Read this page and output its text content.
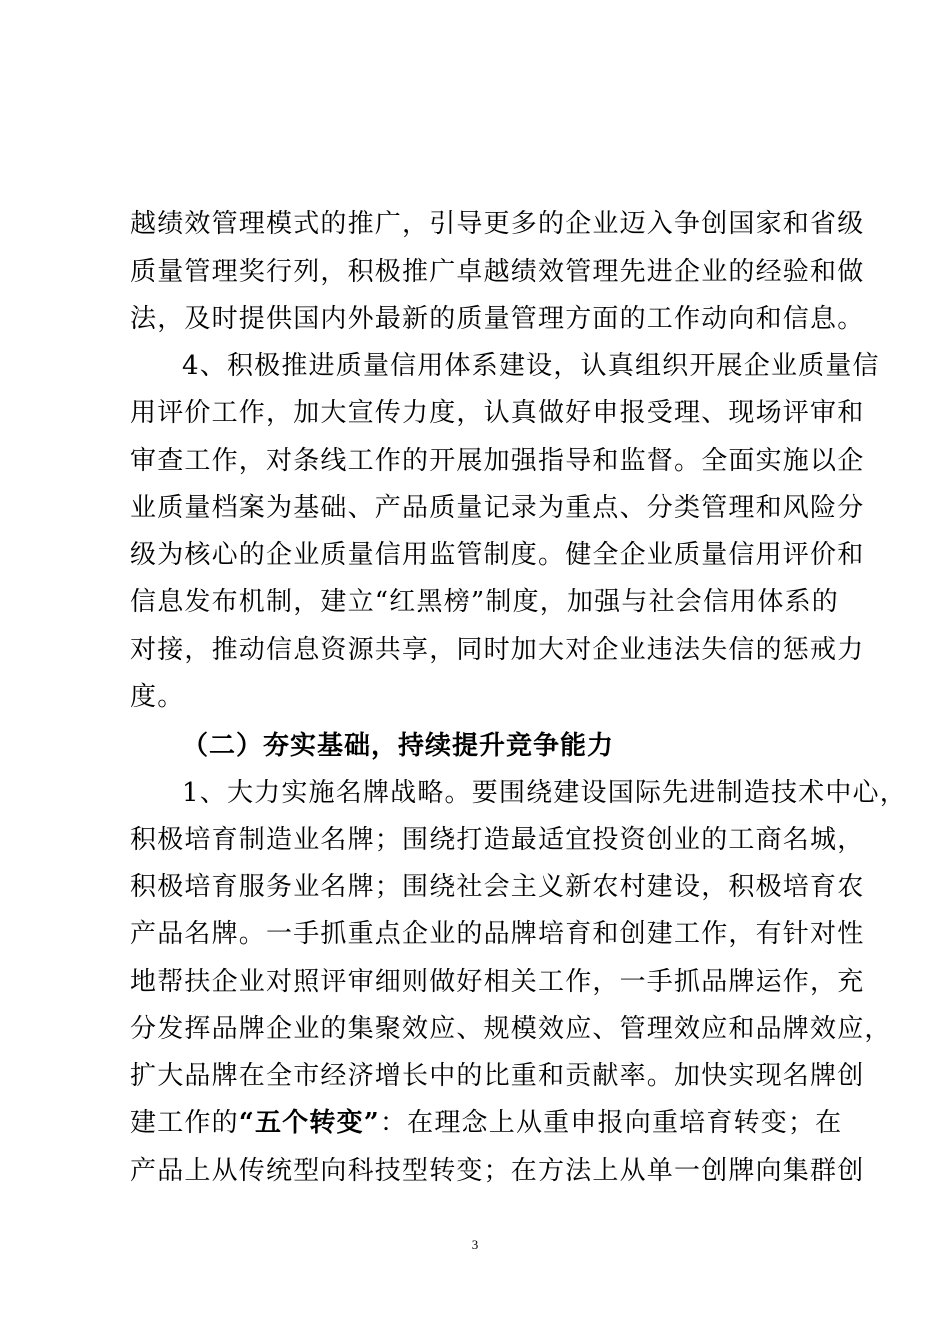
越绩效管理模式的推广，引导更多的企业迈入争创国家和省级
质量管理奖行列，积极推广卓越绩效管理先进企业的经验和做
法，及时提供国内外最新的质量管理方面的工作动向和信息。
4、积极推进质量信用体系建设，认真组织开展企业质量信
用评价工作，加大宣传力度，认真做好申报受理、现场评审和
审查工作，对条线工作的开展加强指导和监督。全面实施以企
业质量档案为基础、产品质量记录为重点、分类管理和风险分
级为核心的企业质量信用监管制度。健全企业质量信用评价和
信息发布机制，建立“红黑榜”制度，加强与社会信用体系的
对接，推动信息资源共享，同时加大对企业违法失信的惩戒力
度。
（二）夯实基础，持续提升竞争能力
1、大力实施名牌战略。要围绕建设国际先进制造技术中心，
积极培育制造业名牌；围绕打造最适宜投资创业的工商名城，
积极培育服务业名牌；围绕社会主义新农村建设，积极培育农
产品名牌。一手抓重点企业的品牌培育和创建工作，有针对性
地帮扶企业对照评审细则做好相关工作，一手抓品牌运作，充
分发挥品牌企业的集聚效应、规模效应、管理效应和品牌效应，
扩大品牌在全市经济增长中的比重和贡献率。加快实现名牌创
建工作的“五个转变”：在理念上从重申报向重培育转变；在
产品上从传统型向科技型转变；在方法上从单一创牌向集群创
3
